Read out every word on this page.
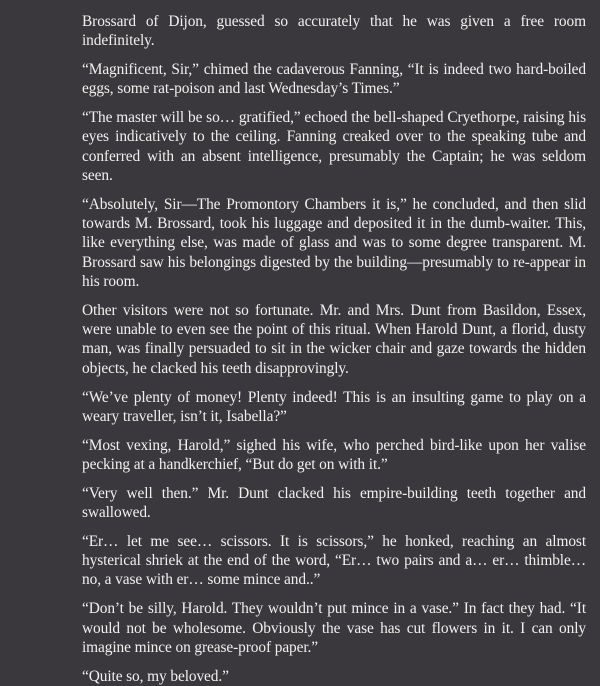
Brossard of Dijon, guessed so accurately that he was given a free room indefinitely.

“Magnificent, Sir,” chimed the cadaverous Fanning, “It is indeed two hard-boiled eggs, some rat-poison and last Wednesday’s Times.”

“The master will be so… gratified,” echoed the bell-shaped Cryethorpe, raising his eyes indicatively to the ceiling. Fanning creaked over to the speaking tube and conferred with an absent intelligence, presumably the Captain; he was seldom seen.

“Absolutely, Sir—The Promontory Chambers it is,” he concluded, and then slid towards M. Brossard, took his luggage and deposited it in the dumb-waiter. This, like everything else, was made of glass and was to some degree transparent. M. Brossard saw his belongings digested by the building—presumably to re-appear in his room.

Other visitors were not so fortunate. Mr. and Mrs. Dunt from Basildon, Essex, were unable to even see the point of this ritual. When Harold Dunt, a florid, dusty man, was finally persuaded to sit in the wicker chair and gaze towards the hidden objects, he clacked his teeth disapprovingly.

“We’ve plenty of money! Plenty indeed! This is an insulting game to play on a weary traveller, isn’t it, Isabella?”

“Most vexing, Harold,” sighed his wife, who perched bird-like upon her valise pecking at a handkerchief, “But do get on with it.”

“Very well then.” Mr. Dunt clacked his empire-building teeth together and swallowed.

“Er… let me see… scissors. It is scissors,” he honked, reaching an almost hysterical shriek at the end of the word, “Er… two pairs and a… er… thimble… no, a vase with er… some mince and..”

“Don’t be silly, Harold. They wouldn’t put mince in a vase.” In fact they had. “It would not be wholesome. Obviously the vase has cut flowers in it. I can only imagine mince on grease-proof paper.”

“Quite so, my beloved.”
